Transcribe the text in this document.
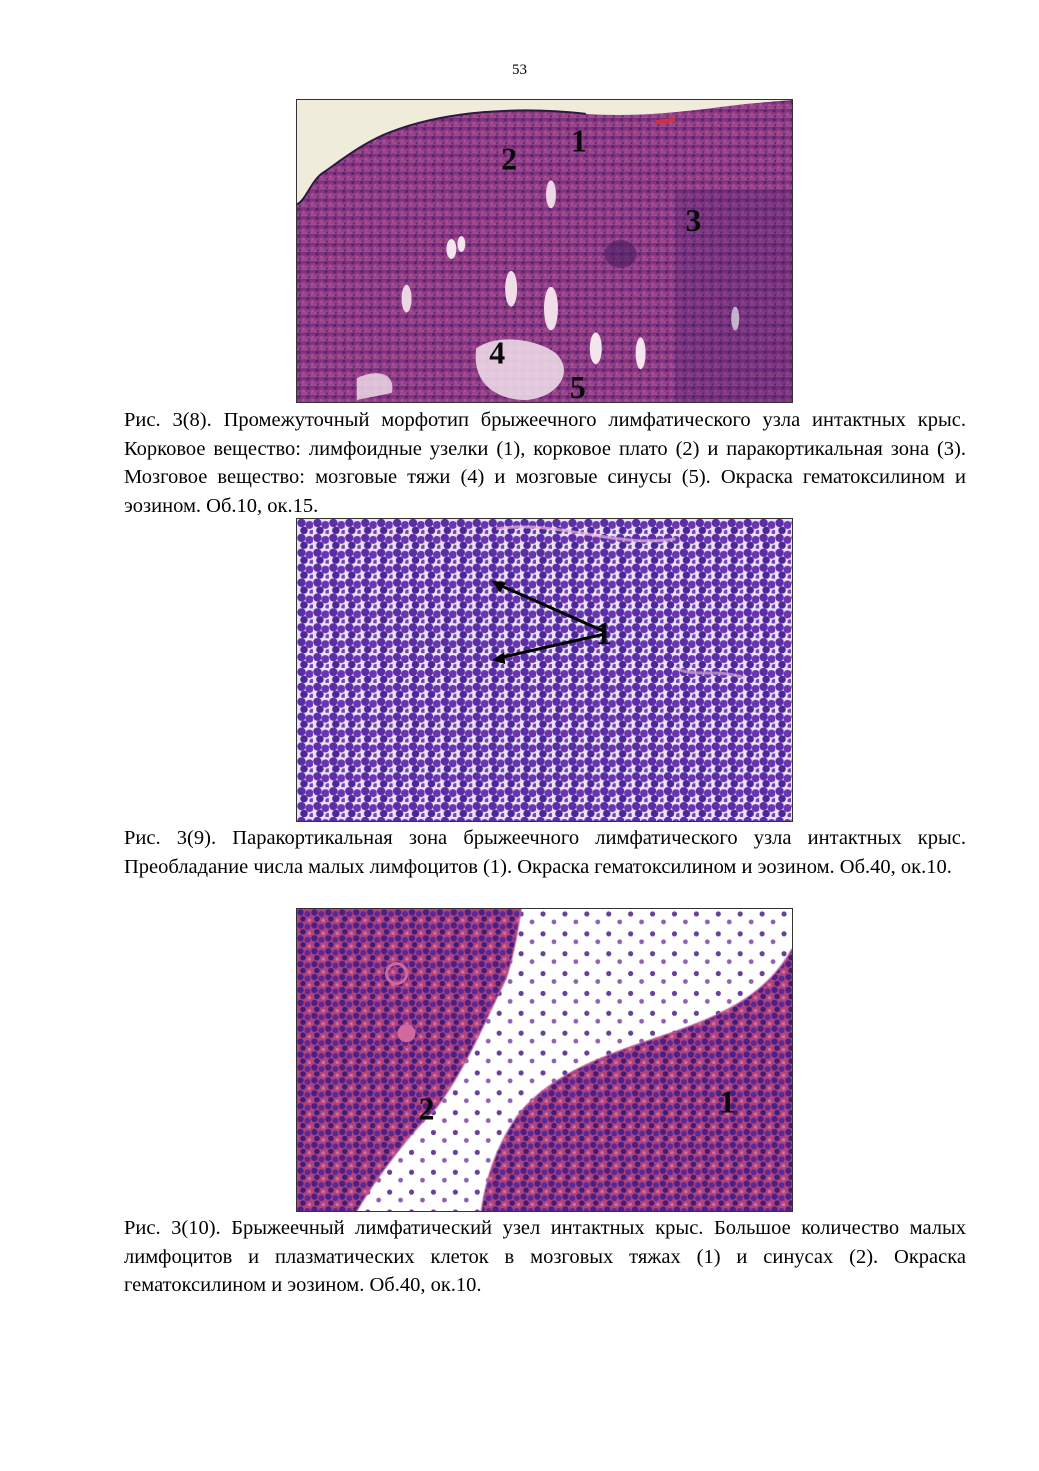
53
1
2
3
4
5

Рис. 3(8). Промежуточный морфотип брыжеечного лимфатического узла интактных крыс. Корковое вещество: лимфоидные узелки (1), корковое плато (2) и паракортикальная зона (3). Мозговое вещество: мозговые тяжи (4) и мозговые синусы (5). Окраска гематоксилином и эозином. Об.10, ок.15.

1

Рис. 3(9). Паракортикальная зона брыжеечного лимфатического узла интактных крыс. Преобладание числа малых лимфоцитов (1). Окраска гематоксилином и эозином. Об.40, ок.10.

2	1

Рис. 3(10). Брыжеечный лимфатический узел интактных крыс. Большое количество малых лимфоцитов и плазматических клеток в мозговых тяжах (1) и синусах (2). Окраска гематоксилином и эозином. Об.40, ок.10.
